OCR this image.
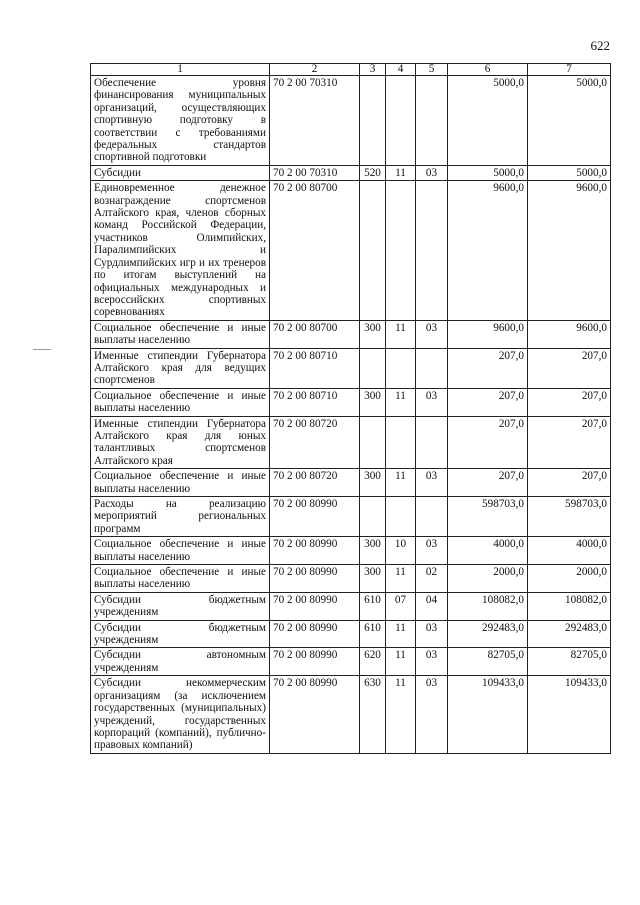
622
1	2	3	4	5	6	7
Обеспечение уровня финансирования муниципальных организаций, осуществляющих спортивную подготовку в соответствии с требованиями федеральных стандартов спортивной подготовки	70 2 00 70310				5000,0	5000,0
Субсидии	70 2 00 70310	520	11	03	5000,0	5000,0
Единовременное денежное вознаграждение спортсменов Алтайского края, членов сборных команд Российской Федерации, участников Олимпийских, Паралимпийских и Сурдлимпийских игр и их тренеров по итогам выступлений на официальных международных и всероссийских спортивных соревнованиях	70 2 00 80700				9600,0	9600,0
Социальное обеспечение и иные выплаты населению	70 2 00 80700	300	11	03	9600,0	9600,0
Именные стипендии Губернатора Алтайского края для ведущих спортсменов	70 2 00 80710				207,0	207,0
Социальное обеспечение и иные выплаты населению	70 2 00 80710	300	11	03	207,0	207,0
Именные стипендии Губернатора Алтайского края для юных талантливых спортсменов Алтайского края	70 2 00 80720				207,0	207,0
Социальное обеспечение и иные выплаты населению	70 2 00 80720	300	11	03	207,0	207,0
Расходы на реализацию мероприятий региональных программ	70 2 00 80990				598703,0	598703,0
Социальное обеспечение и иные выплаты населению	70 2 00 80990	300	10	03	4000,0	4000,0
Социальное обеспечение и иные выплаты населению	70 2 00 80990	300	11	02	2000,0	2000,0
Субсидии бюджетным учреждениям	70 2 00 80990	610	07	04	108082,0	108082,0
Субсидии бюджетным учреждениям	70 2 00 80990	610	11	03	292483,0	292483,0
Субсидии автономным учреждениям	70 2 00 80990	620	11	03	82705,0	82705,0
Субсидии некоммерческим организациям (за исключением государственных (муниципальных) учреждений, государственных корпораций (компаний), публично-правовых компаний)	70 2 00 80990	630	11	03	109433,0	109433,0
